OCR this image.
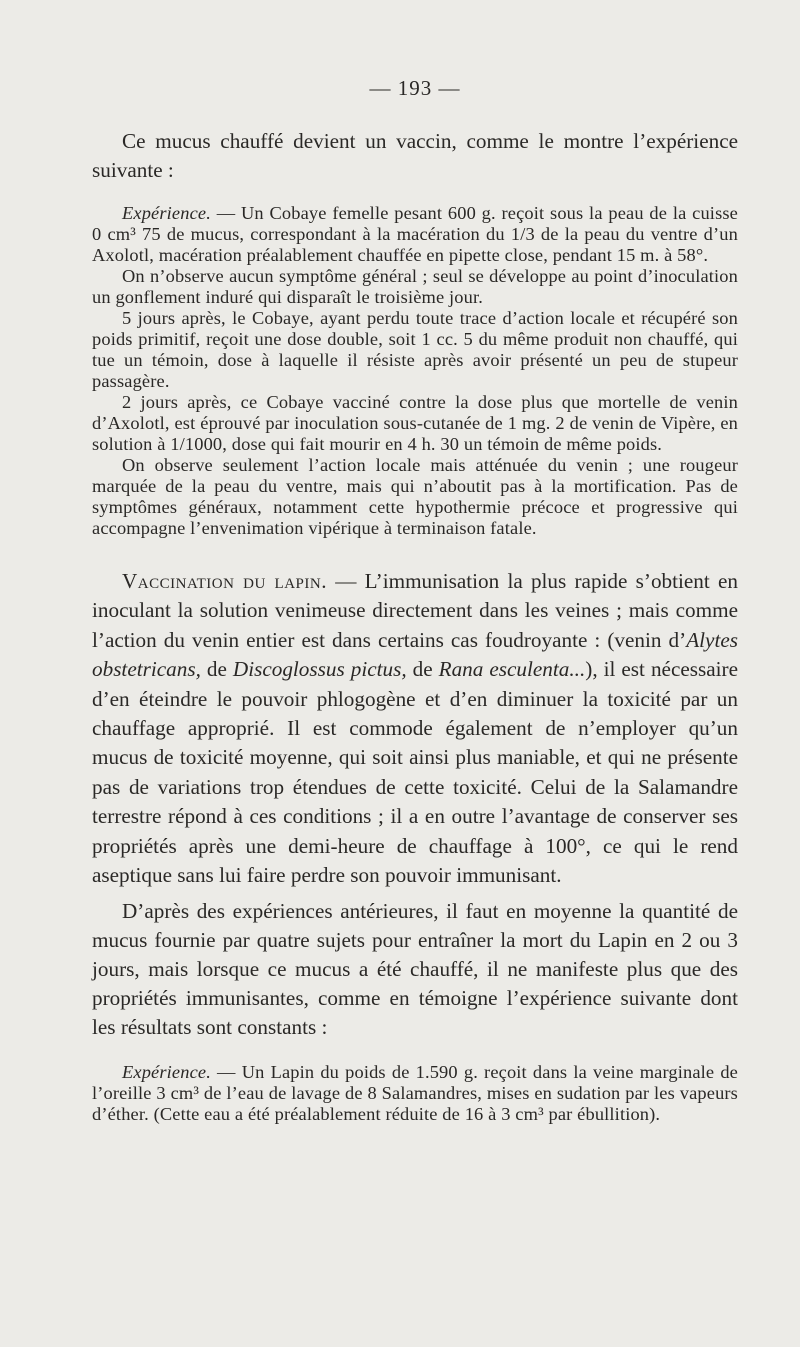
— 193 —

Ce mucus chauffé devient un vaccin, comme le montre l’expérience suivante :

Expérience. — Un Cobaye femelle pesant 600 g. reçoit sous la peau de la cuisse 0 cm³ 75 de mucus, correspondant à la macération du 1/3 de la peau du ventre d’un Axolotl, macération préalablement chauffée en pipette close, pendant 15 m. à 58°.

On n’observe aucun symptôme général ; seul se développe au point d’inoculation un gonflement induré qui disparaît le troisième jour.

5 jours après, le Cobaye, ayant perdu toute trace d’action locale et récupéré son poids primitif, reçoit une dose double, soit 1 cc. 5 du même produit non chauffé, qui tue un témoin, dose à laquelle il résiste après avoir présenté un peu de stupeur passagère.

2 jours après, ce Cobaye vacciné contre la dose plus que mortelle de venin d’Axolotl, est éprouvé par inoculation sous-cutanée de 1 mg. 2 de venin de Vipère, en solution à 1/1000, dose qui fait mourir en 4 h. 30 un témoin de même poids.

On observe seulement l’action locale mais atténuée du venin ; une rougeur marquée de la peau du ventre, mais qui n’aboutit pas à la mortification. Pas de symptômes généraux, notamment cette hypothermie précoce et progressive qui accompagne l’envenimation vipérique à terminaison fatale.

Vaccination du lapin. — L’immunisation la plus rapide s’obtient en inoculant la solution venimeuse directement dans les veines ; mais comme l’action du venin entier est dans certains cas foudroyante : (venin d’Alytes obstetricans, de Discoglossus pictus, de Rana esculenta...), il est nécessaire d’en éteindre le pouvoir phlogogène et d’en diminuer la toxicité par un chauffage approprié. Il est commode également de n’employer qu’un mucus de toxicité moyenne, qui soit ainsi plus maniable, et qui ne présente pas de variations trop étendues de cette toxicité. Celui de la Salamandre terrestre répond à ces conditions ; il a en outre l’avantage de conserver ses propriétés après une demi-heure de chauffage à 100°, ce qui le rend aseptique sans lui faire perdre son pouvoir immunisant.

D’après des expériences antérieures, il faut en moyenne la quantité de mucus fournie par quatre sujets pour entraîner la mort du Lapin en 2 ou 3 jours, mais lorsque ce mucus a été chauffé, il ne manifeste plus que des propriétés immunisantes, comme en témoigne l’expérience suivante dont les résultats sont constants :

Expérience. — Un Lapin du poids de 1.590 g. reçoit dans la veine marginale de l’oreille 3 cm³ de l’eau de lavage de 8 Salamandres, mises en sudation par les vapeurs d’éther. (Cette eau a été préalablement réduite de 16 à 3 cm³ par ébullition).
